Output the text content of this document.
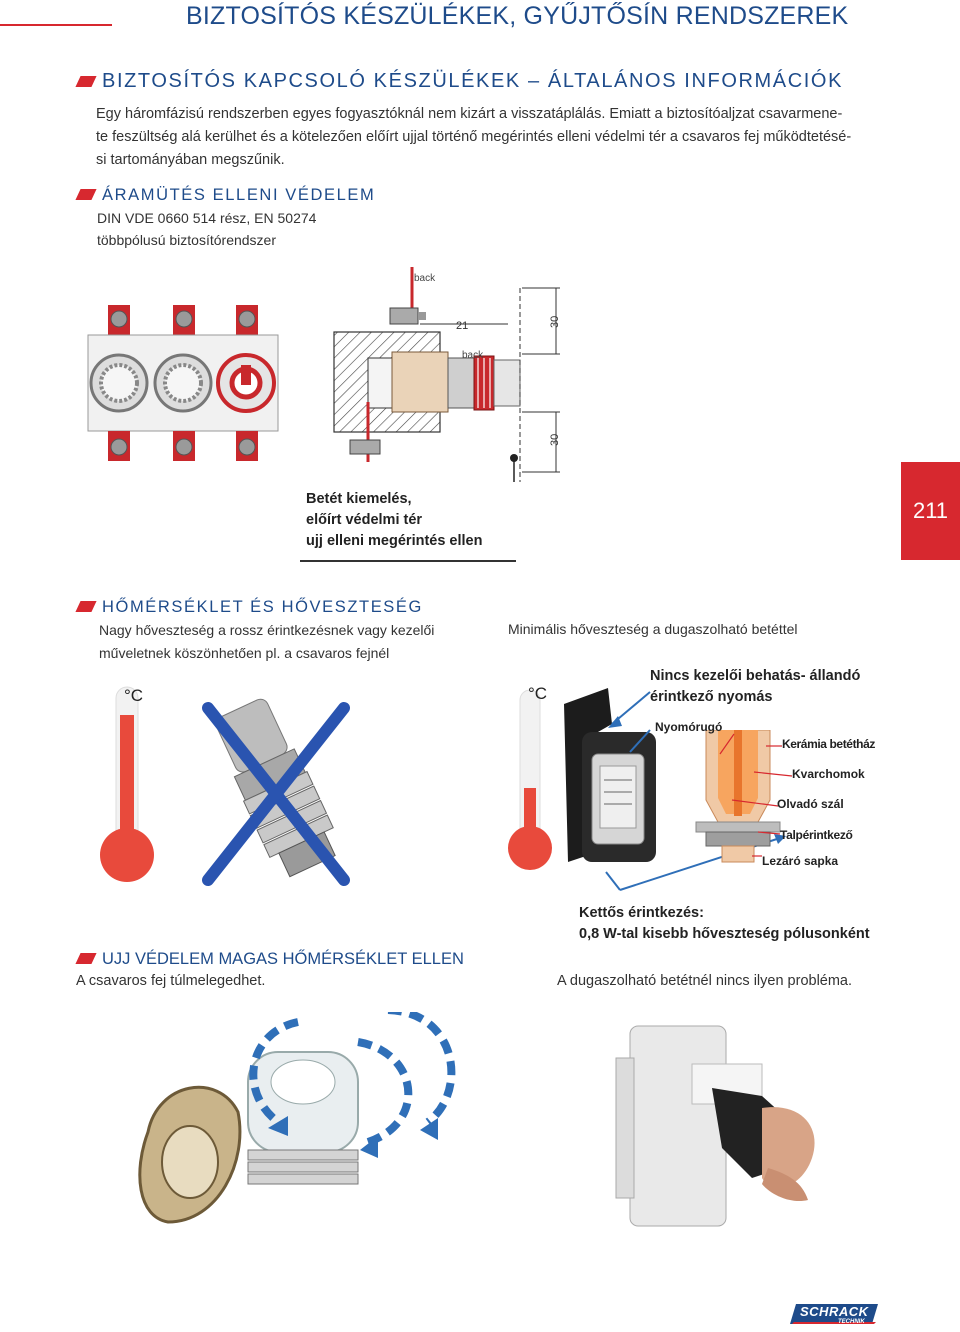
BIZTOSÍTÓS KÉSZÜLÉKEK, GYŰJTŐSÍN RENDSZEREK
BIZTOSÍTÓS KAPCSOLÓ KÉSZÜLÉKEK – ÁLTALÁNOS INFORMÁCIÓK
Egy háromfázisú rendszerben egyes fogyasztóknál nem kizárt a visszatáplálás. Emiatt a biztosítóaljzat csavarmene-
te feszültség alá kerülhet és a kötelezően előírt ujjal történő megérintés elleni védelmi tér a csavaros fej működtetésé-
si tartományában megszűnik.
ÁRAMÜTÉS ELLENI VÉDELEM
DIN VDE 0660 514 rész, EN 50274
többpólusú biztosítórendszer
back
back
21	30
30
Betét kiemelés,
előírt védelmi tér
ujj elleni megérintés ellen
211
HŐMÉRSÉKLET ÉS HŐVESZTESÉG
Nagy hőveszteség a rossz érintkezésnek vagy kezelői
műveletnek köszönhetően pl. a csavaros fejnél
Minimális hőveszteség a dugaszolható betéttel
°C	°C
Nincs kezelői behatás- állandó
érintkező nyomás
Nyomórugó
Kerámia betétház
Kvarchomok
Olvadó szál
Talpérintkező
Lezáró sapka
Kettős érintkezés:
0,8 W-tal kisebb hőveszteség pólusonként
UJJ VÉDELEM MAGAS HŐMÉRSÉKLET ELLEN
A csavaros fej túlmelegedhet.	A dugaszolható betétnél nincs ilyen probléma.
SCHRACK
TECHNIK
